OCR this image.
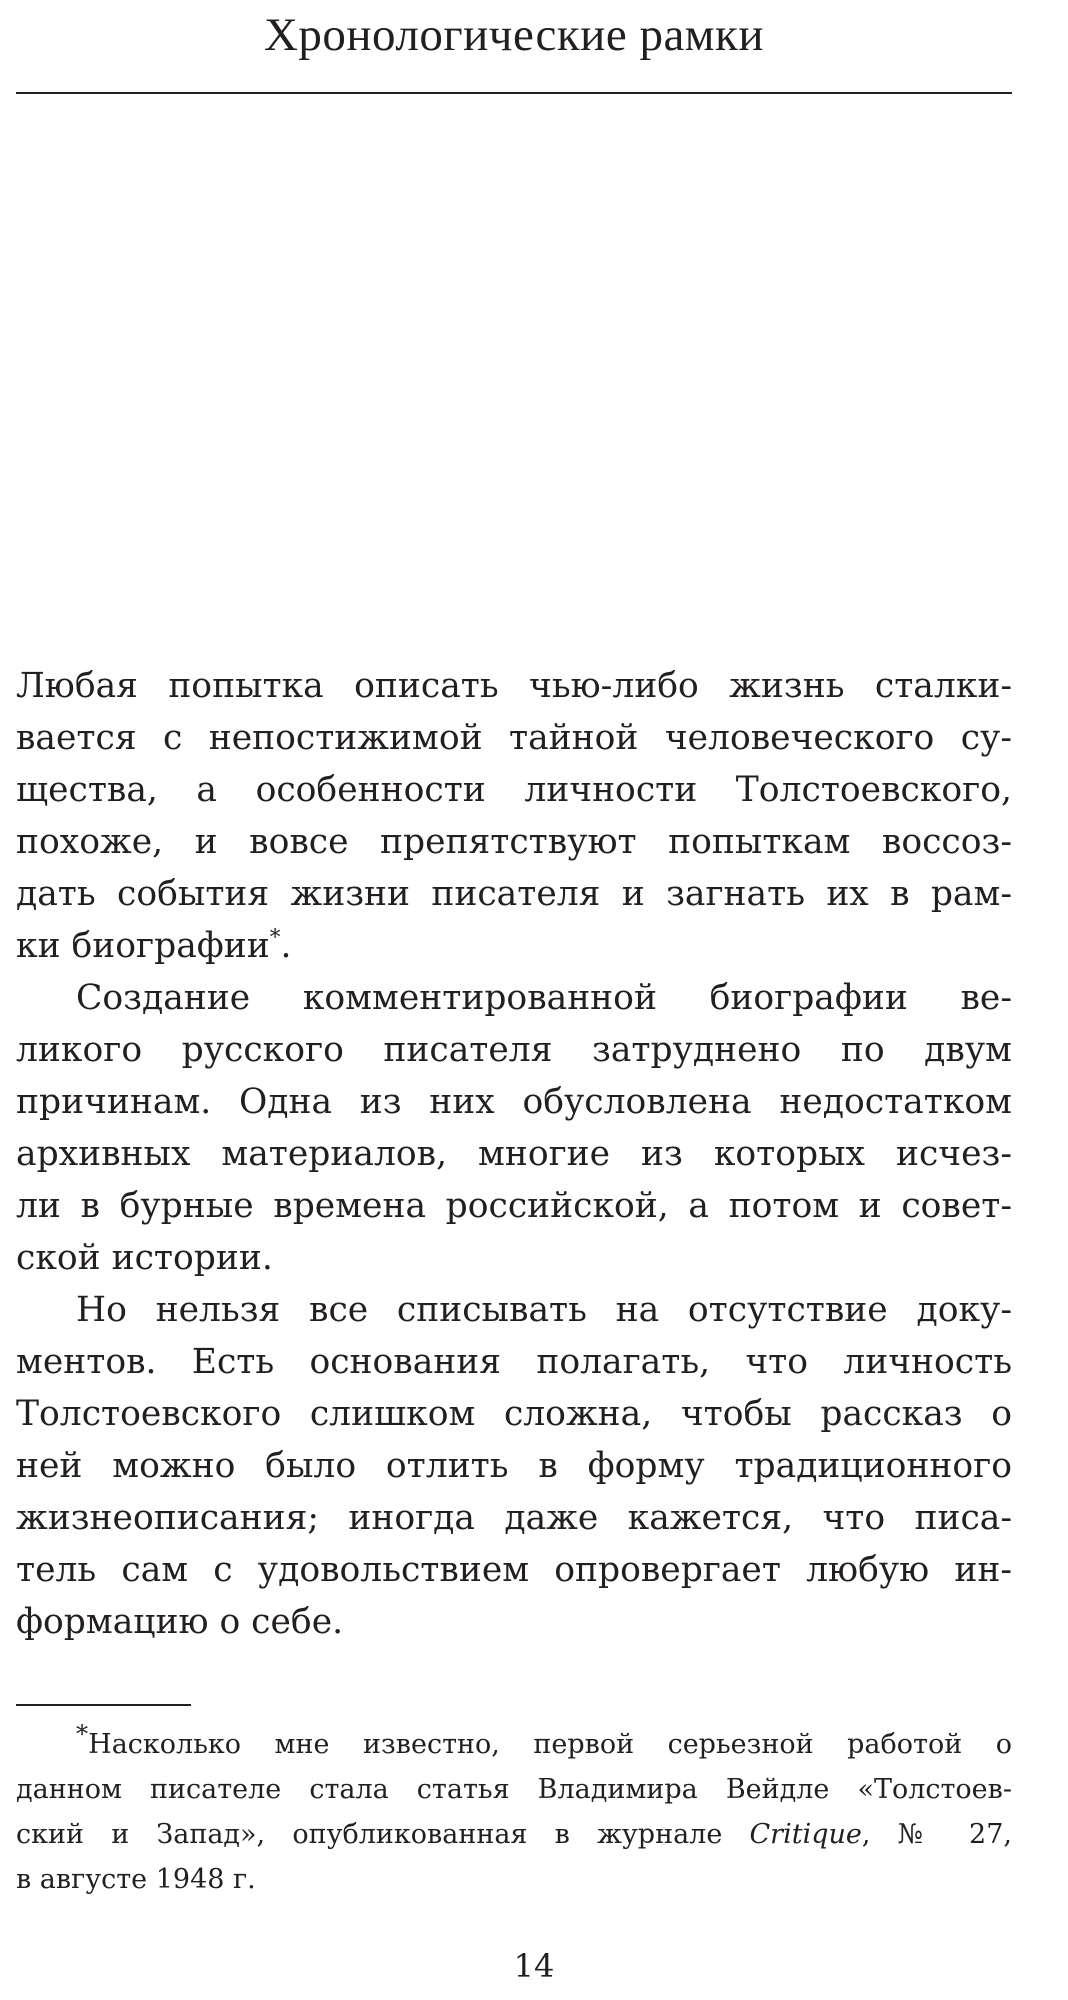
Хронологические рамки
Любая попытка описать чью-либо жизнь сталки-
вается с непостижимой тайной человеческого су-
щества, а особенности личности Толстоевского,
похоже, и вовсе препятствуют попыткам воссоз-
дать события жизни писателя и загнать их в рам-
ки биографии*.
Создание комментированной биографии ве-
ликого русского писателя затруднено по двум
причинам. Одна из них обусловлена недостатком
архивных материалов, многие из которых исчез-
ли в бурные времена российской, а потом и совет-
ской истории.
Но нельзя все списывать на отсутствие доку-
ментов. Есть основания полагать, что личность
Толстоевского слишком сложна, чтобы рассказ о
ней можно было отлить в форму традиционного
жизнеописания; иногда даже кажется, что писа-
тель сам с удовольствием опровергает любую ин-
формацию о себе.
*Насколько мне известно, первой серьезной работой о
данном писателе стала статья Владимира Вейдле «Толстоев-
ский и Запад», опубликованная в журнале Critique, № 27,
в августе 1948 г.
14
